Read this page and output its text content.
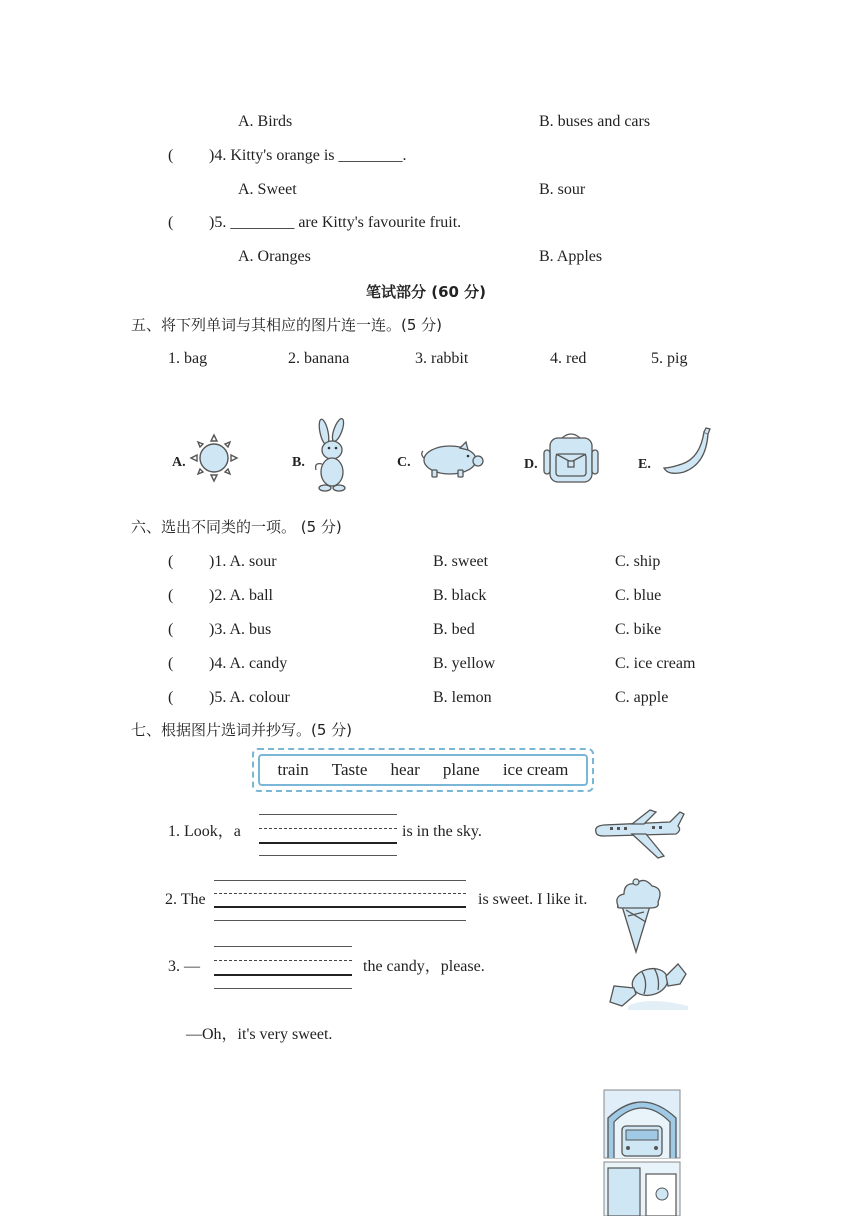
A. Birds	B. buses and cars
( )4. Kitty's orange is ________.
A. Sweet	B. sour
( )5. ________ are Kitty's favourite fruit.
A. Oranges	B. Apples
笔试部分 (60 分)
五、将下列单词与其相应的图片连一连。(5 分)
1. bag	2. banana	3. rabbit	4. red	5. pig
A.	B.	C.	D.	E.
六、选出不同类的一项。 (5 分)
( )1. A. sour	B. sweet	C. ship
( )2. A. ball	B. black	C. blue
( )3. A. bus	B. bed	C. bike
( )4. A. candy	B. yellow	C. ice cream
( )5. A. colour	B. lemon	C. apple
七、根据图片选词并抄写。(5 分)
train Taste hear plane ice cream
1. Look，a	is in the sky.
2. The	is sweet. I like it.
3. —	the candy，please.
—Oh，it's very sweet.
